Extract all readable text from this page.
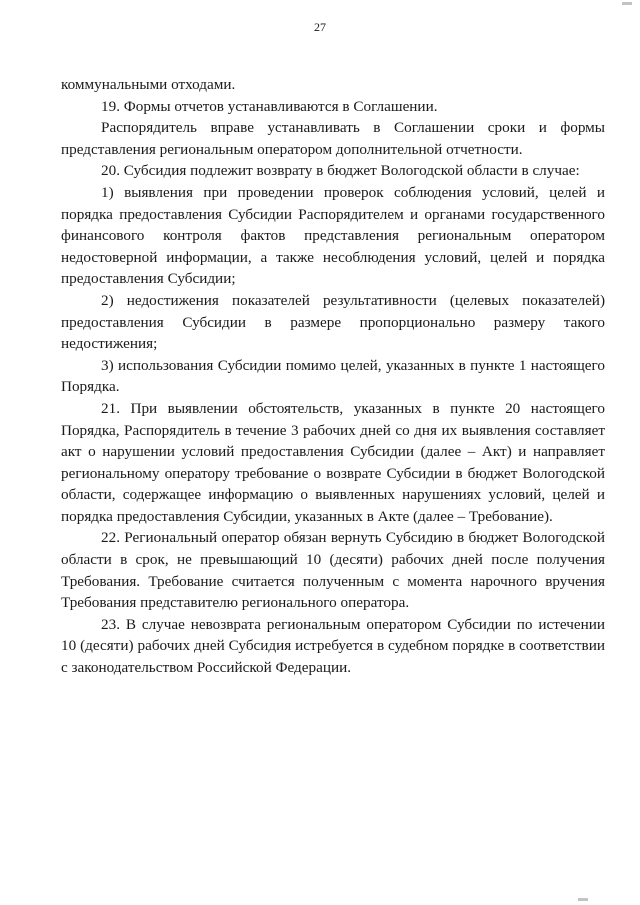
27

коммунальными отходами.

19. Формы отчетов устанавливаются в Соглашении.

Распорядитель вправе устанавливать в Соглашении сроки и формы представления региональным оператором дополнительной отчетности.

20. Субсидия подлежит возврату в бюджет Вологодской области в случае:

1) выявления при проведении проверок соблюдения условий, целей и порядка предоставления Субсидии Распорядителем и органами государственного финансового контроля фактов представления региональным оператором недостоверной информации, а также несоблюдения условий, целей и порядка предоставления Субсидии;

2) недостижения показателей результативности (целевых показателей) предоставления Субсидии в размере пропорционально размеру такого недостижения;

3) использования Субсидии помимо целей, указанных в пункте 1 настоящего Порядка.

21. При выявлении обстоятельств, указанных в пункте 20 настоящего Порядка, Распорядитель в течение 3 рабочих дней со дня их выявления составляет акт о нарушении условий предоставления Субсидии (далее – Акт) и направляет региональному оператору требование о возврате Субсидии в бюджет Вологодской области, содержащее информацию о выявленных нарушениях условий, целей и порядка предоставления Субсидии, указанных в Акте (далее – Требование).

22. Региональный оператор обязан вернуть Субсидию в бюджет Вологодской области в срок, не превышающий 10 (десяти) рабочих дней после получения Требования. Требование считается полученным с момента нарочного вручения Требования представителю регионального оператора.

23. В случае невозврата региональным оператором Субсидии по истечении 10 (десяти) рабочих дней Субсидия истребуется в судебном порядке в соответствии с законодательством Российской Федерации.
